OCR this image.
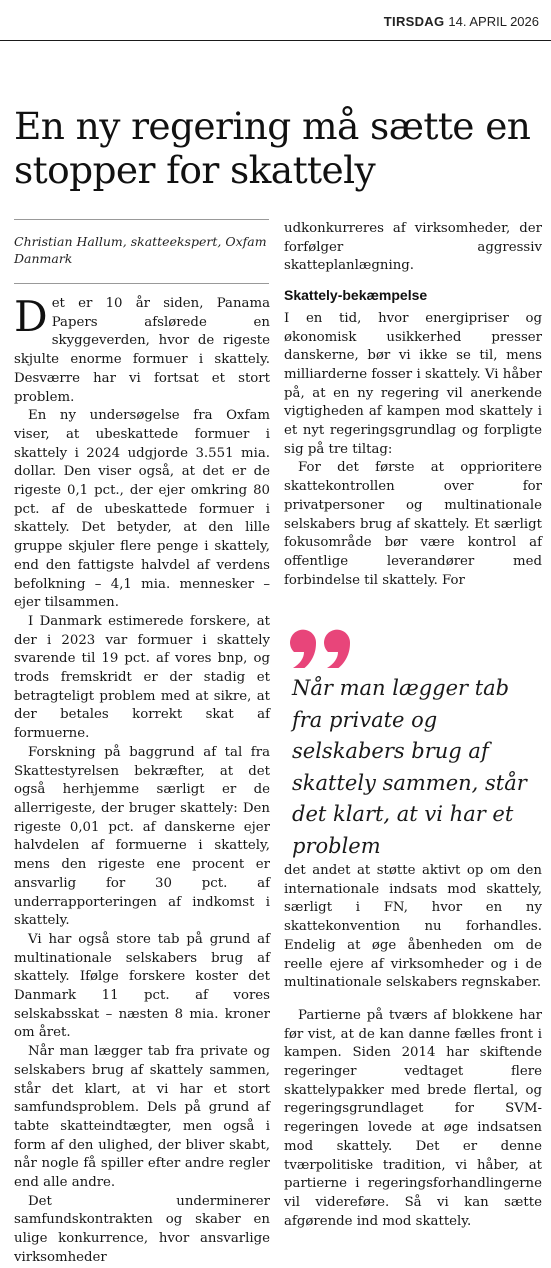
TIRSDAG 14. APRIL 2026
En ny regering må sætte en stopper for skattely
Christian Hallum, skatteekspert, Oxfam Danmark

Det er 10 år siden, Panama Papers afslørede en skyggeverden, hvor de rigeste skjulte enorme formuer i skattely. Desværre har vi fortsat et stort problem.

En ny undersøgelse fra Oxfam viser, at ubeskattede formuer i skattely i 2024 udgjorde 3.551 mia. dollar. Den viser også, at det er de rigeste 0,1 pct., der ejer omkring 80 pct. af de ubeskattede formuer i skattely. Det betyder, at den lille gruppe skjuler flere penge i skattely, end den fattigste halvdel af verdens befolkning – 4,1 mia. mennesker – ejer tilsammen.

I Danmark estimerede forskere, at der i 2023 var formuer i skattely svarende til 19 pct. af vores bnp, og trods fremskridt er der stadig et betragteligt problem med at sikre, at der betales korrekt skat af formuerne.

Forskning på baggrund af tal fra Skattestyrelsen bekræfter, at det også herhjemme særligt er de allerrigeste, der bruger skattely: Den rigeste 0,01 pct. af danskerne ejer halvdelen af formuerne i skattely, mens den rigeste ene procent er ansvarlig for 30 pct. af underrapporteringen af indkomst i skattely.

Vi har også store tab på grund af multinationale selskabers brug af skattely. Ifølge forskere koster det Danmark 11 pct. af vores selskabsskat – næsten 8 mia. kroner om året.

Når man lægger tab fra private og selskabers brug af skattely sammen, står det klart, at vi har et stort samfundsproblem. Dels på grund af tabte skatteindtægter, men også i form af den ulighed, der bliver skabt, når nogle få spiller efter andre regler end alle andre.

Det underminerer samfundskontrakten og skaber en ulige konkurrence, hvor ansvarlige virksomheder

udkonkurreres af virksomheder, der forfølger aggressiv skatteplanlægning.

Skattely-bekæmpelse

I en tid, hvor energipriser og økonomisk usikkerhed presser danskerne, bør vi ikke se til, mens milliarderne fosser i skattely. Vi håber på, at en ny regering vil anerkende vigtigheden af kampen mod skattely i et nyt regeringsgrundlag og forpligte sig på tre tiltag:

For det første at opprioritere skattekontrollen over for privatpersoner og multinationale selskabers brug af skattely. Et særligt fokusområde bør være kontrol af offentlige leverandører med forbindelse til skattely. For

Når man lægger tab fra private og selskabers brug af skattely sammen, står det klart, at vi har et problem

det andet at støtte aktivt op om den internationale indsats mod skattely, særligt i FN, hvor en ny skattekonvention nu forhandles. Endelig at øge åbenheden om de reelle ejere af virksomheder og i de multinationale selskabers regnskaber.

Partierne på tværs af blokkene har før vist, at de kan danne fælles front i kampen. Siden 2014 har skiftende regeringer vedtaget flere skattelypakker med brede flertal, og regeringsgrundlaget for SVM-regeringen lovede at øge indsatsen mod skattely. Det er denne tværpolitiske tradition, vi håber, at partierne i regeringsforhandlingerne vil videreføre. Så vi kan sætte afgørende ind mod skattely.
